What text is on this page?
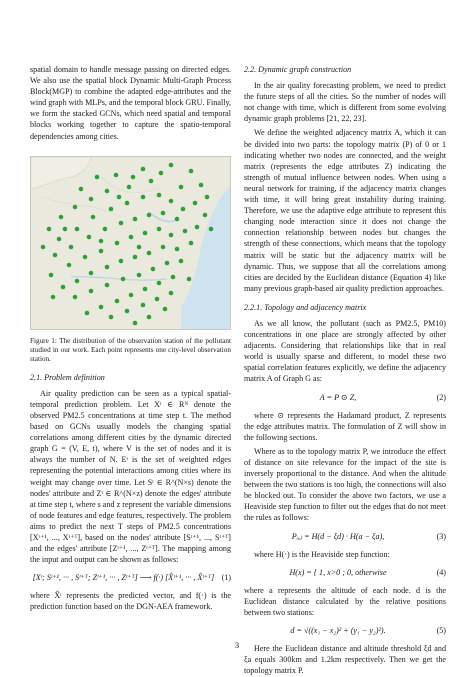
spatial domain to handle message passing on directed edges. We also use the spatial block Dynamic Multi-Graph Process Block(MGP) to combine the adapted edge-attributes and the wind graph with MLPs, and the temporal block GRU. Finally, we form the stacked GCNs, which need spatial and temporal blocks working together to capture the spatio-temporal dependencies among cities.

Figure 1: The distribution of the observation station of the pollutant studied in our work. Each point represents one city-level observation station.

2.1. Problem definition

Air quality prediction can be seen as a typical spatial-temporal prediction problem. Let Xᵗ ∈ Rᴺ denote the observed PM2.5 concentrations at time step t. The method based on GCNs usually models the changing spatial correlations among different cities by the dynamic directed graph G = (V, E, t), where V is the set of nodes and it is always the number of N. Eᵗ is the set of weighted edges representing the potential interactions among cities where its weight may change over time. Let Sᵗ ∈ R^(N×s) denote the nodes' attribute and Zᵗ ∈ R^(N×z) denote the edges' attribute at time step t, where s and z represent the variable dimensions of node features and edge features, respectively. The problem aims to predict the next T steps of PM2.5 concentrations [Xᵗ⁺¹, ..., Xᵗ⁺ᵀ], based on the nodes' attribute [Sᵗ⁺¹, ..., Sᵗ⁺ᵀ] and the edges' attribute [Zᵗ⁺¹, ..., Zᵗ⁺ᵀ]. The mapping among the input and output can be shown as follows:

[Xᵗ; Sᵗ⁺¹, ··· , Sᵗ⁺ᵀ; Zᵗ⁺¹, ··· , Zᵗ⁺ᵀ] ⟶ f(·) [X̂ᵗ⁺¹, ··· , X̂ᵗ⁺ᵀ] (1)

where X̂ᵗ represents the predicted vector, and f(·) is the prediction function based on the DGN-AEA framework.

2.2. Dynamic graph construction

In the air quality forecasting problem, we need to predict the future steps of all the cities. So the number of nodes will not change with time, which is different from some evolving dynamic graph problems [21, 22, 23].

We define the weighted adjacency matrix A, which it can be divided into two parts: the topology matrix (P) of 0 or 1 indicating whether two nodes are connected, and the weight matrix (represents the edge attributes Z) indicating the strength of mutual influence between nodes. When using a neural network for training, if the adjacency matrix changes with time, it will bring great instability during training. Therefore, we use the adaptive edge attribute to represent this changing node interaction since it does not change the connection relationship between nodes but changes the strength of these connections, which means that the topology matrix will be static but the adjacency matrix will be dynamic. Thus, we suppose that all the correlations among cities are decided by the Euclidean distance (Equation 4) like many previous graph-based air quality prediction approaches.

2.2.1. Topology and adjacency matrix

As we all know, the pollutant (such as PM2.5, PM10) concentrations in one place are strongly affected by other adjacents. Considering that relationships like that in real world is usually sparse and different, to model these two spatial correlation features explicitly, we define the adjacency matrix A of Graph G as:

A = P ⊙ Z,	(2)

where ⊙ represents the Hadamard product, Z represents the edge attributes matrix. The formulation of Z will show in the following sections.

Where as to the topology matrix P, we introduce the effect of distance on site relevance for the impact of the site is inversely proportional to the distance. And when the altitude between the two stations is too high, the connections will also be blocked out. To consider the above two factors, we use a Heaviside step function to filter out the edges that do not meet the rules as follows:

Pᵢ,ⱼ = H(d − ξd) · H(a − ξa),	(3)

where H(·) is the Heaviside step function:

H(x) = { 1, x>0 ; 0, otherwise	(4)

where a represents the altitude of each node. d is the Euclidean distance calculated by the relative positions between two stations:

d = √((x₁ − x₂)² + (y₁ − y₂)²).	(5)

Here the Euclidean distance and altitude threshold ξd and ξa equals 300km and 1.2km respectively. Then we get the topology matrix P.

3
